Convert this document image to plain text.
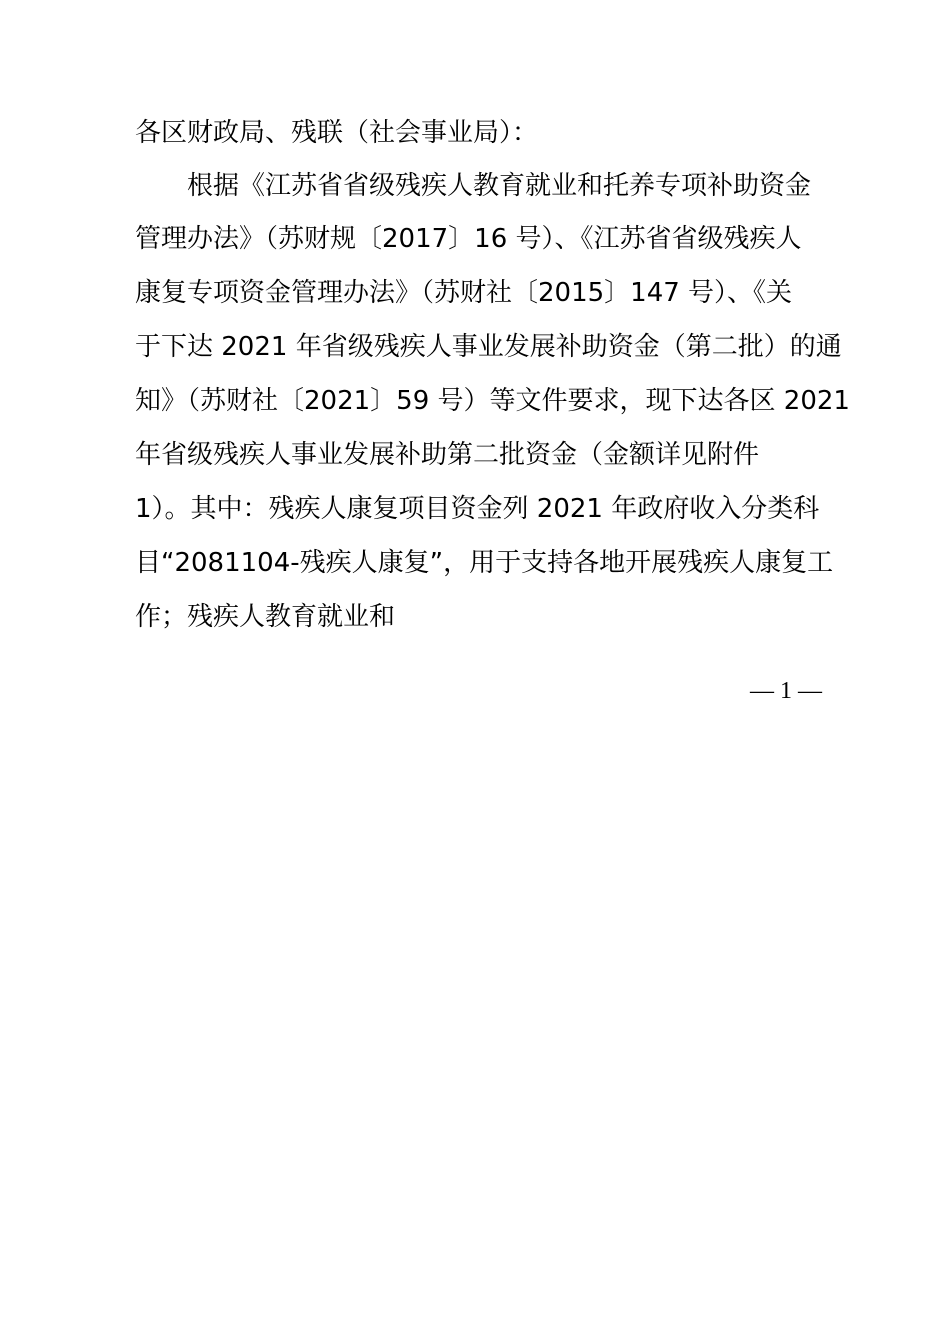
各区财政局、残联（社会事业局）：
根据《江苏省省级残疾人教育就业和托养专项补助资金
管理办法》（苏财规〔2017〕16 号）、《江苏省省级残疾人
康复专项资金管理办法》（苏财社〔2015〕147 号）、《关
于下达 2021 年省级残疾人事业发展补助资金（第二批）的通
知》（苏财社〔2021〕59 号）等文件要求，现下达各区 2021
年省级残疾人事业发展补助第二批资金（金额详见附件
1）。其中：残疾人康复项目资金列 2021 年政府收入分类科
目“2081104-残疾人康复”，用于支持各地开展残疾人康复工
作；残疾人教育就业和
— 1 —
